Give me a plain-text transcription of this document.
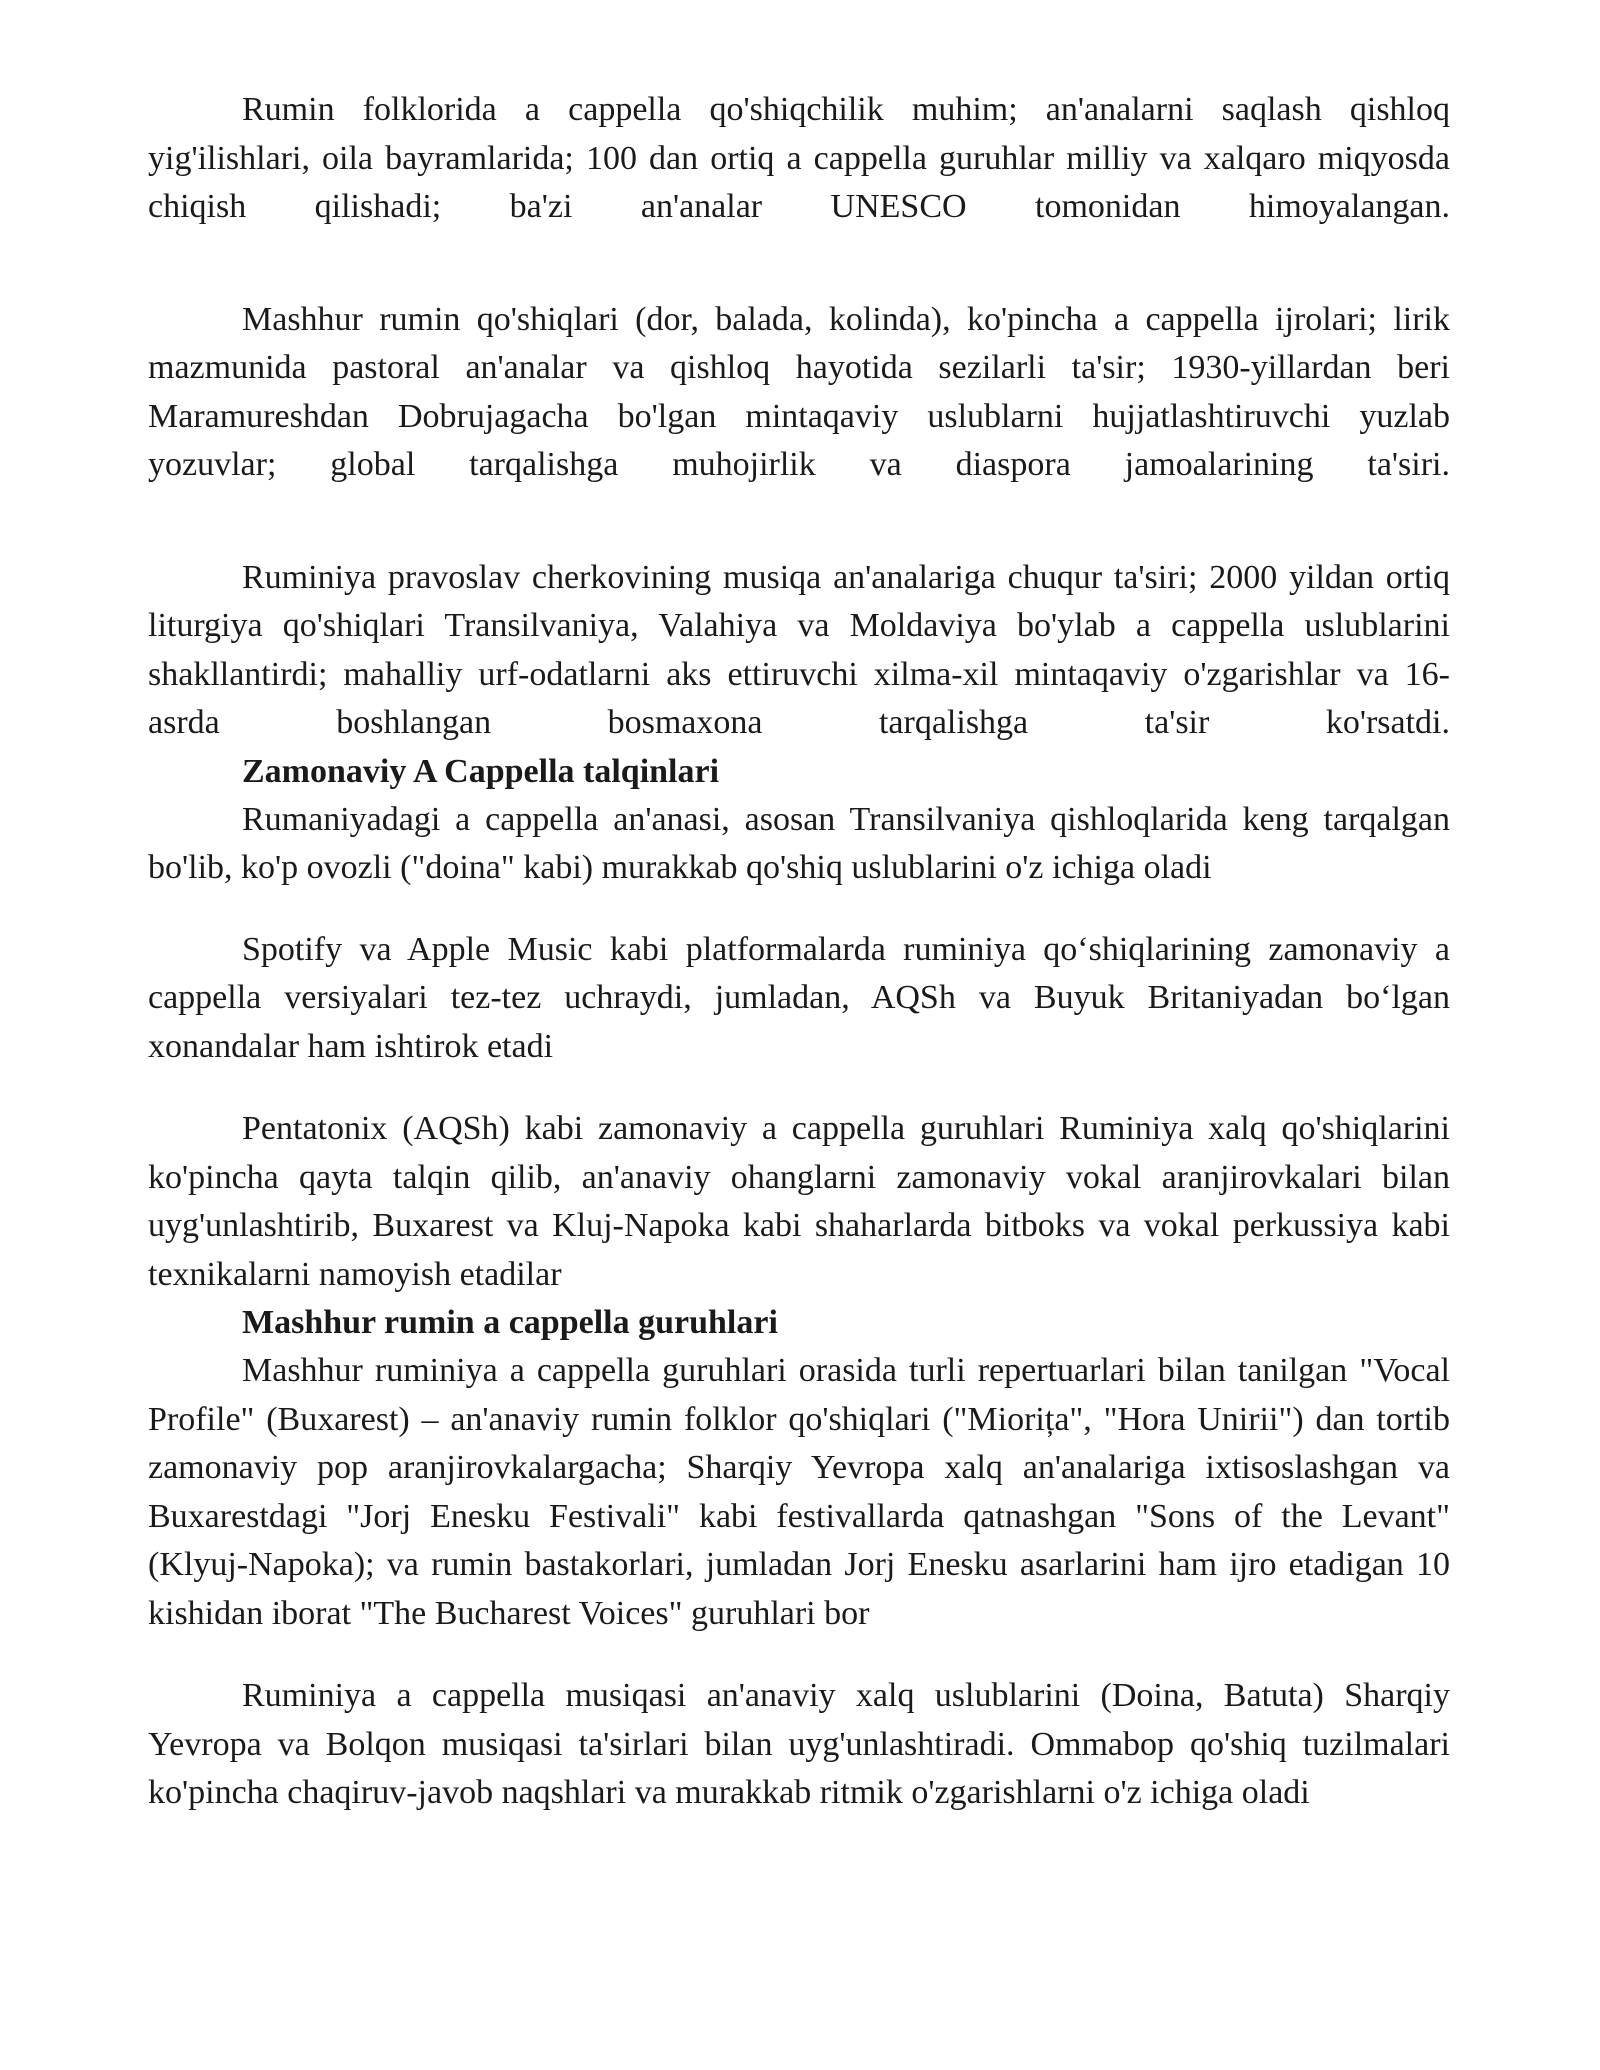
Rumin folklorida a cappella qo'shiqchilik muhim; an'analarni saqlash qishloq yig'ilishlari, oila bayramlarida; 100 dan ortiq a cappella guruhlar milliy va xalqaro miqyosda chiqish qilishadi; ba'zi an'analar UNESCO tomonidan himoyalangan.

Mashhur rumin qo'shiqlari (dor, balada, kolinda), ko'pincha a cappella ijrolari; lirik mazmunida pastoral an'analar va qishloq hayotida sezilarli ta'sir; 1930-yillardan beri Maramureshdan Dobrujagacha bo'lgan mintaqaviy uslublarni hujjatlashtiruvchi yuzlab yozuvlar; global tarqalishga muhojirlik va diaspora jamoalarining ta'siri.

Ruminiya pravoslav cherkovining musiqa an'analariga chuqur ta'siri; 2000 yildan ortiq liturgiya qo'shiqlari Transilvaniya, Valahiya va Moldaviya bo'ylab a cappella uslublarini shakllantirdi; mahalliy urf-odatlarni aks ettiruvchi xilma-xil mintaqaviy o'zgarishlar va 16-asrda boshlangan bosmaxona tarqalishga ta'sir ko'rsatdi.

Zamonaviy A Cappella talqinlari

Rumaniyadagi a cappella an'anasi, asosan Transilvaniya qishloqlarida keng tarqalgan bo'lib, ko'p ovozli ("doina" kabi) murakkab qo'shiq uslublarini o'z ichiga oladi

Spotify va Apple Music kabi platformalarda ruminiya qo‘shiqlarining zamonaviy a cappella versiyalari tez-tez uchraydi, jumladan, AQSh va Buyuk Britaniyadan bo‘lgan xonandalar ham ishtirok etadi

Pentatonix (AQSh) kabi zamonaviy a cappella guruhlari Ruminiya xalq qo'shiqlarini ko'pincha qayta talqin qilib, an'anaviy ohanglarni zamonaviy vokal aranjirovkalari bilan uyg'unlashtirib, Buxarest va Kluj-Napoka kabi shaharlarda bitboks va vokal perkussiya kabi texnikalarni namoyish etadilar

Mashhur rumin a cappella guruhlari

Mashhur ruminiya a cappella guruhlari orasida turli repertuarlari bilan tanilgan "Vocal Profile" (Buxarest) – an'anaviy rumin folklor qo'shiqlari ("Miorița", "Hora Unirii") dan tortib zamonaviy pop aranjirovkalargacha; Sharqiy Yevropa xalq an'analariga ixtisoslashgan va Buxarestdagi "Jorj Enesku Festivali" kabi festivallarda qatnashgan "Sons of the Levant" (Klyuj-Napoka); va rumin bastakorlari, jumladan Jorj Enesku asarlarini ham ijro etadigan 10 kishidan iborat "The Bucharest Voices" guruhlari bor

Ruminiya a cappella musiqasi an'anaviy xalq uslublarini (Doina, Batuta) Sharqiy Yevropa va Bolqon musiqasi ta'sirlari bilan uyg'unlashtiradi. Ommabop qo'shiq tuzilmalari ko'pincha chaqiruv-javob naqshlari va murakkab ritmik o'zgarishlarni o'z ichiga oladi
